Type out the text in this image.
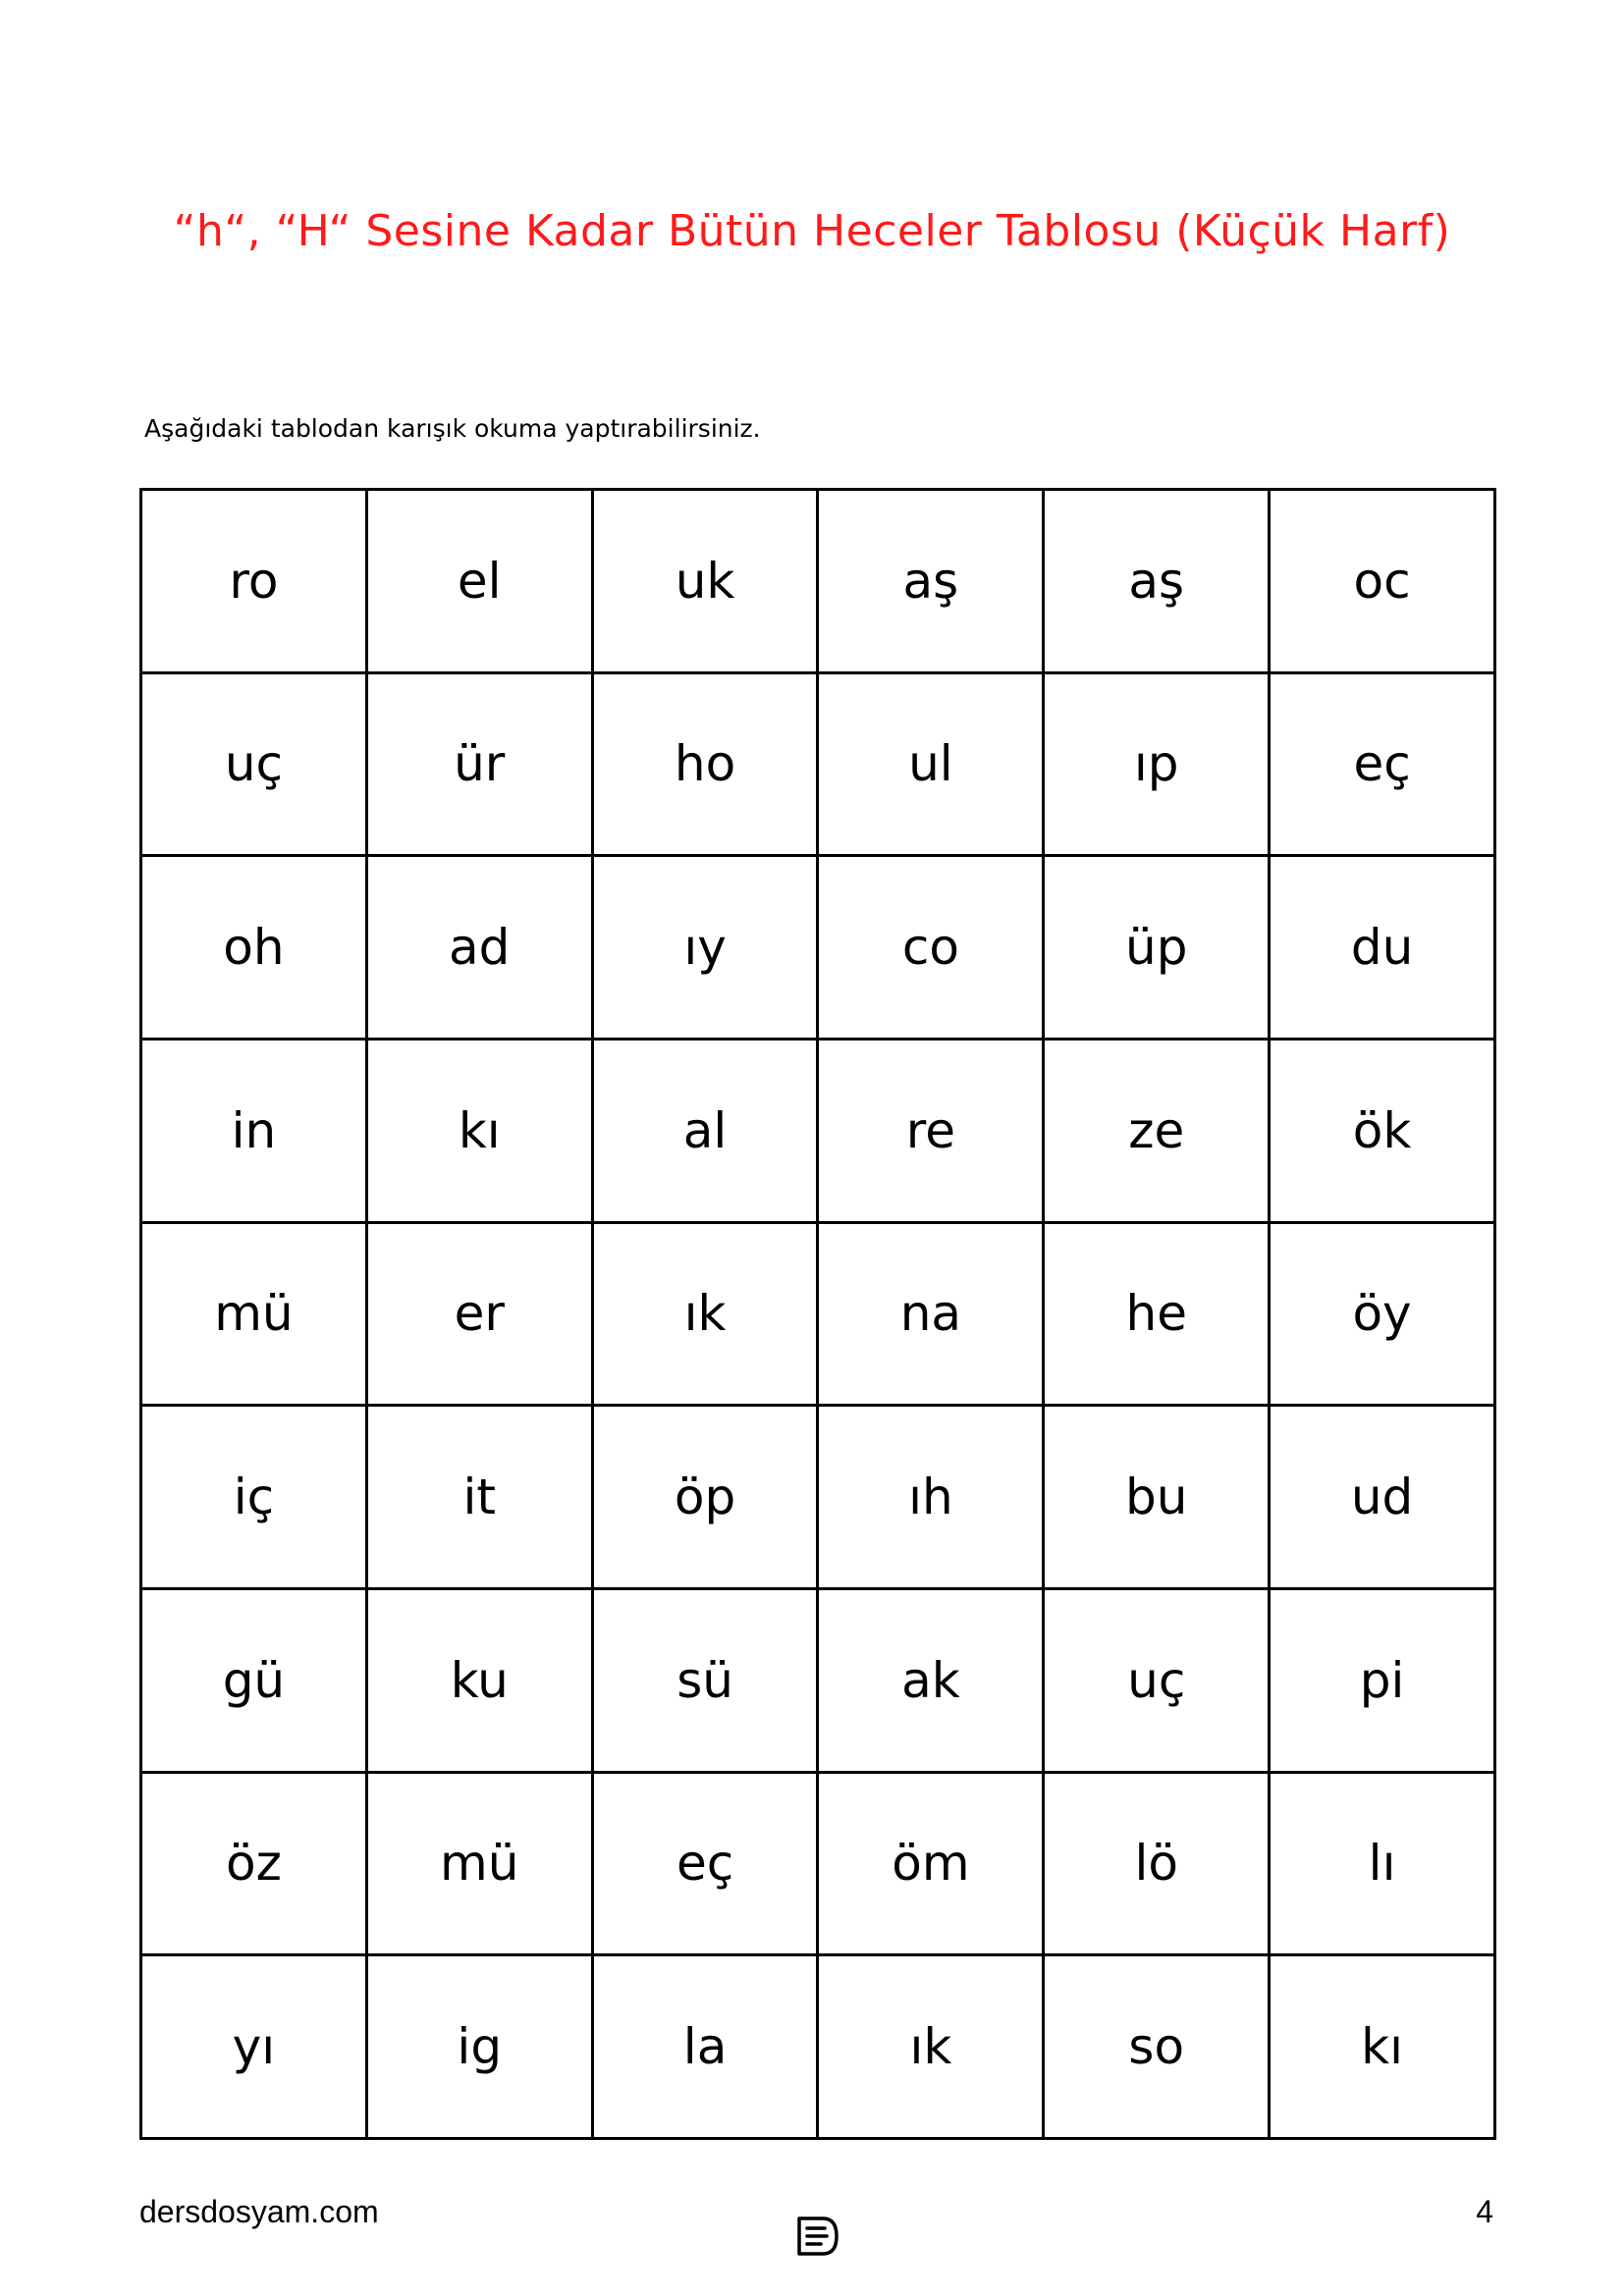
“h“, “H“ Sesine Kadar Bütün Heceler Tablosu (Küçük Harf)
Aşağıdaki tablodan karışık okuma yaptırabilirsiniz.
ro	el	uk	aş	aş	oc
uç	ür	ho	ul	ıp	eç
oh	ad	ıy	co	üp	du
in	kı	al	re	ze	ök
mü	er	ık	na	he	öy
iç	it	öp	ıh	bu	ud
gü	ku	sü	ak	uç	pi
öz	mü	eç	öm	lö	lı
yı	ig	la	ık	so	kı
dersdosyam.com	4
